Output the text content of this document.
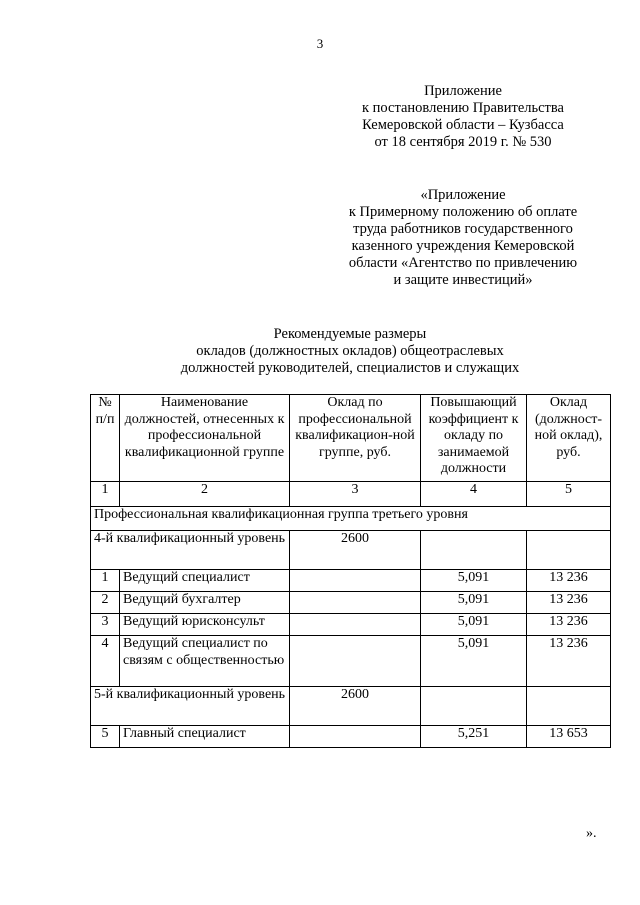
3
Приложение
к постановлению Правительства
Кемеровской области – Кузбасса
от 18 сентября 2019 г. № 530
«Приложение
к Примерному положению об оплате
труда работников государственного
казенного учреждения Кемеровской
области «Агентство по привлечению
и защите инвестиций»
Рекомендуемые размеры
окладов (должностных окладов) общеотраслевых
должностей руководителей, специалистов и служащих
№ п/п	Наименование должностей, отнесенных к профессиональной квалификационной группе	Оклад по профессиональной квалификацион-ной группе, руб.	Повышающий коэффициент к окладу по занимаемой должности	Оклад (должност-ной оклад), руб.
1	2	3	4	5
Профессиональная квалификационная группа третьего уровня				
4-й квалификационный уровень		2600		
1	Ведущий специалист		5,091	13 236
2	Ведущий бухгалтер		5,091	13 236
3	Ведущий юрисконсульт		5,091	13 236
4	Ведущий специалист по связям с общественностью		5,091	13 236
5-й квалификационный уровень		2600		
5	Главный специалист		5,251	13 653
».
